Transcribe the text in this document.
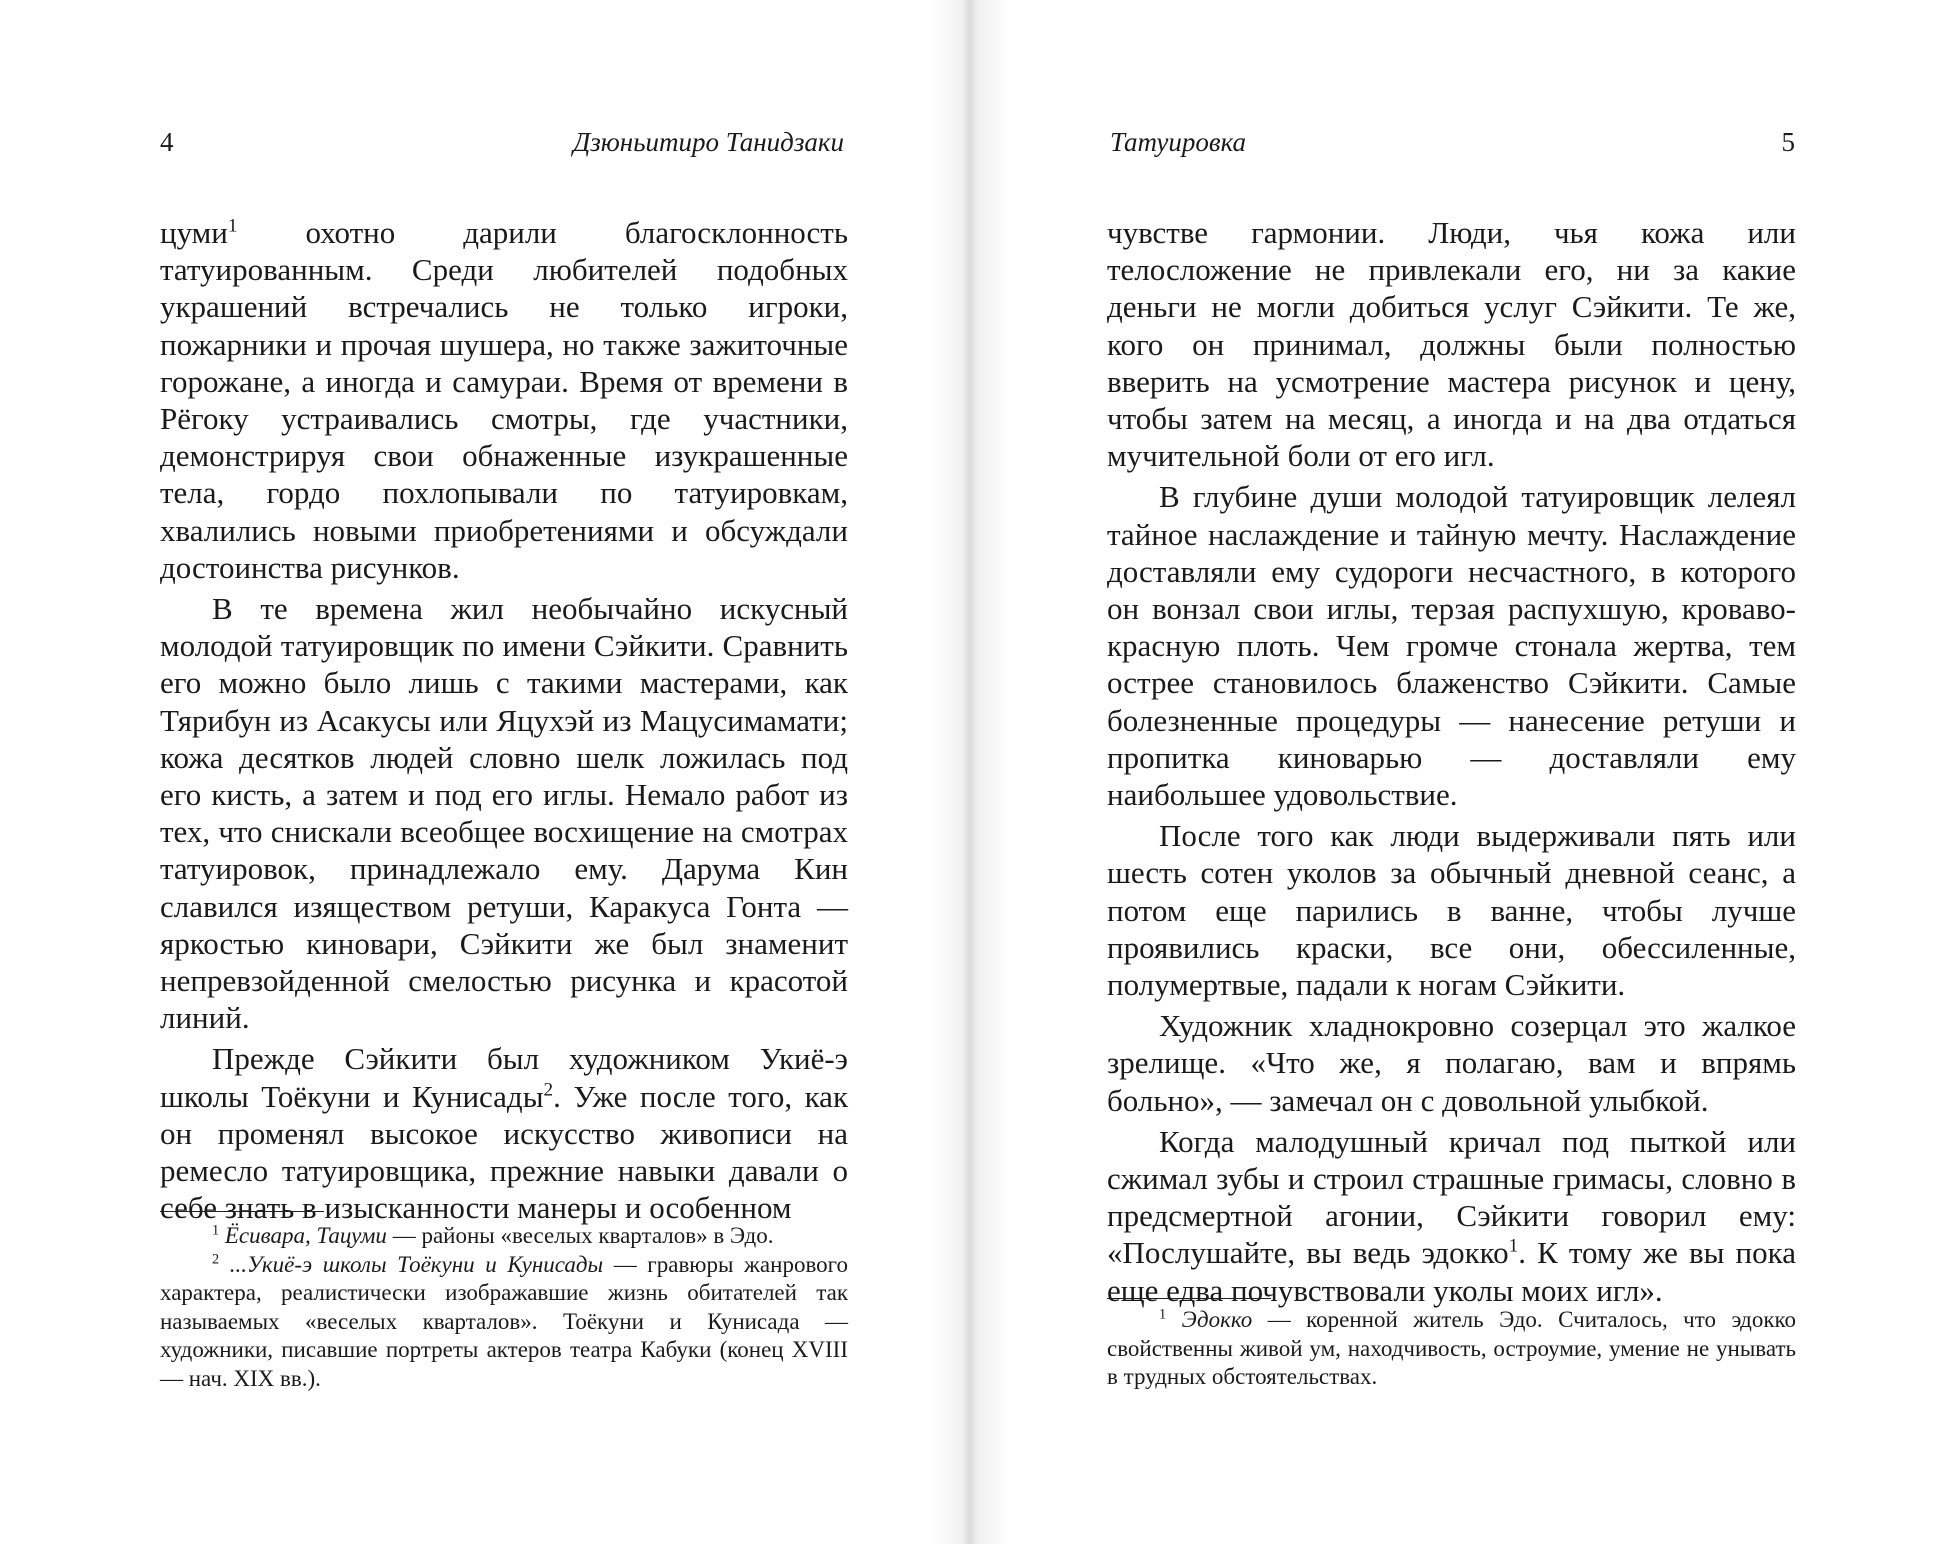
4	Дзюньитиро Танидзаки

цуми$^1$ охотно дарили благосклонность татуированным. Среди любителей подобных украшений встречались не только игроки, пожарники и прочая шушера, но также зажиточные горожане, а иногда и самураи. Время от времени в Рёгоку устраивались смотры, где участники, демонстрируя свои обнаженные изукрашенные тела, гордо похлопывали по татуировкам, хвалились новыми приобретениями и обсуждали достоинства рисунков.

В те времена жил необычайно искусный молодой татуировщик по имени Сэйкити. Сравнить его можно было лишь с такими мастерами, как Тярибун из Асакусы или Яцухэй из Мацусимамати; кожа десятков людей словно шелк ложилась под его кисть, а затем и под его иглы. Немало работ из тех, что снискали всеобщее восхищение на смотрах татуировок, принадлежало ему. Дарума Кин славился изяществом ретуши, Каракуса Гонта — яркостью киновари, Сэйкити же был знаменит непревзойденной смелостью рисунка и красотой линий.

Прежде Сэйкити был художником Укиё-э школы Тоёкуни и Кунисады$^2$. Уже после того, как он променял высокое искусство живописи на ремесло татуировщика, прежние навыки давали о себе знать в изысканности манеры и особенном

$^1$ Ёсивара, Тацуми — районы «веселых кварталов» в Эдо.

$^2$ ...Укиё-э школы Тоёкуни и Кунисады — гравюры жанрового характера, реалистически изображавшие жизнь обитателей так называемых «веселых кварталов». Тоёкуни и Кунисада — художники, писавшие портреты актеров театра Кабуки (конец XVIII — нач. XIX вв.).

Татуировка	5

чувстве гармонии. Люди, чья кожа или телосложение не привлекали его, ни за какие деньги не могли добиться услуг Сэйкити. Те же, кого он принимал, должны были полностью вверить на усмотрение мастера рисунок и цену, чтобы затем на месяц, а иногда и на два отдаться мучительной боли от его игл.

В глубине души молодой татуировщик лелеял тайное наслаждение и тайную мечту. Наслаждение доставляли ему судороги несчастного, в которого он вонзал свои иглы, терзая распухшую, кроваво-красную плоть. Чем громче стонала жертва, тем острее становилось блаженство Сэйкити. Самые болезненные процедуры — нанесение ретуши и пропитка киноварью — доставляли ему наибольшее удовольствие.

После того как люди выдерживали пять или шесть сотен уколов за обычный дневной сеанс, а потом еще парились в ванне, чтобы лучше проявились краски, все они, обессиленные, полумертвые, падали к ногам Сэйкити.

Художник хладнокровно созерцал это жалкое зрелище. «Что же, я полагаю, вам и впрямь больно», — замечал он с довольной улыбкой.

Когда малодушный кричал под пыткой или сжимал зубы и строил страшные гримасы, словно в предсмертной агонии, Сэйкити говорил ему: «Послушайте, вы ведь эдокко$^1$. К тому же вы пока еще едва почувствовали уколы моих игл».

$^1$ Эдокко — коренной житель Эдо. Считалось, что эдокко свойственны живой ум, находчивость, остроумие, умение не унывать в трудных обстоятельствах.
